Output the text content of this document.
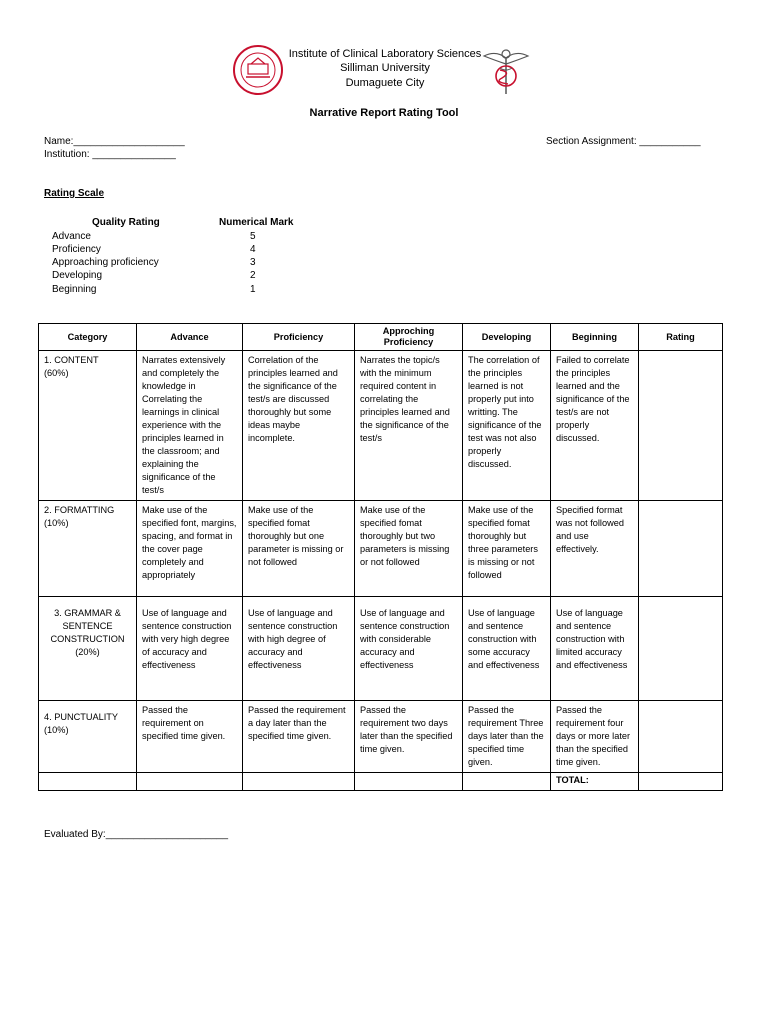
Institute of Clinical Laboratory Sciences
Silliman University
Dumaguete City
Narrative Report Rating Tool
Name:____________________
Institution: _______________
Section Assignment: ___________
Rating Scale
Quality Rating	Numerical Mark
Advance	5
Proficiency	4
Approaching proficiency	3
Developing	2
Beginning	1
Category	Advance	Proficiency	Approching Proficiency	Developing	Beginning	Rating
1. CONTENT
(60%)	Narrates extensively and completely the knowledge in Correlating the learnings in clinical experience with the principles learned in the classroom; and explaining the significance of the test/s	Correlation of the principles learned and the significance of the test/s are discussed thoroughly but some ideas maybe incomplete.	Narrates the topic/s with the minimum required content in correlating the principles learned and the significance of the test/s	The correlation of the principles learned is not properly put into writting. The significance of the test was not also properly discussed.	Failed to correlate the principles learned and the significance of the test/s are not properly discussed.	
2. FORMATTING
(10%)	Make use of the specified font, margins, spacing, and format in the cover page completely and appropriately	Make use of the specified fomat thoroughly but one parameter is missing or not followed	Make use of the specified fomat thoroughly but two parameters is missing or not followed	Make use of the specified fomat thoroughly but three parameters is missing or not followed	Specified format was not followed and use effectively.	
3. GRAMMAR &
SENTENCE
CONSTRUCTION
(20%)	Use of language and sentence construction with very high degree of accuracy and effectiveness	Use of language and sentence construction with high degree of accuracy and effectiveness	Use of language and sentence construction with considerable accuracy and effectiveness	Use of language and sentence construction with some accuracy and effectiveness	Use of language and sentence construction with limited accuracy and effectiveness	
4. PUNCTUALITY
(10%)	Passed the requirement on specified time given.	Passed the requirement a day later than the specified time given.	Passed the requirement two days later than the specified time given.	Passed the requirement Three days later than the specified time given.	Passed the requirement four days or more later than the specified time given.	
					TOTAL:	
Evaluated By:______________________
